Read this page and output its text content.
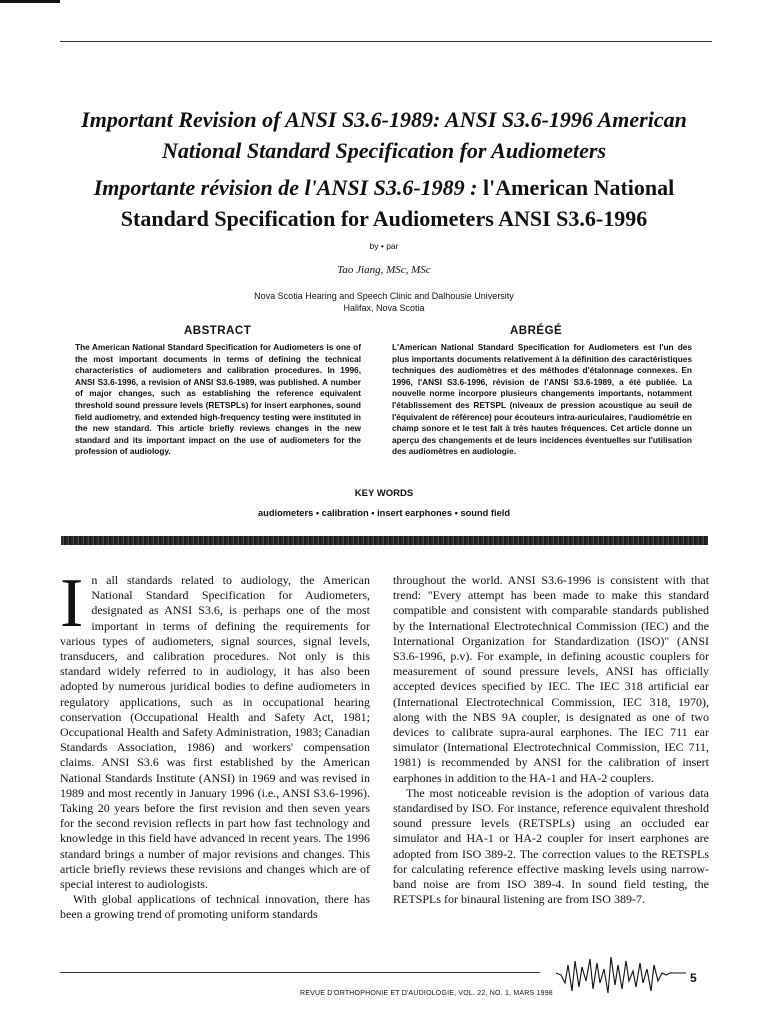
Important Revision of ANSI S3.6-1989: ANSI S3.6-1996 American
National Standard Specification for Audiometers
Importante révision de l'ANSI S3.6-1989 : l'American National
Standard Specification for Audiometers ANSI S3.6-1996
by • par
Tao Jiang, MSc, MSc
Nova Scotia Hearing and Speech Clinic and Dalhousie University
Halifax, Nova Scotia
ABSTRACT
The American National Standard Specification for Audiometers is one of the most important documents in terms of defining the technical characteristics of audiometers and calibration procedures. In 1996, ANSI S3.6-1996, a revision of ANSI S3.6-1989, was published. A number of major changes, such as establishing the reference equivalent threshold sound pressure levels (RETSPLs) for insert earphones, sound field audiometry, and extended high-frequency testing were instituted in the new standard. This article briefly reviews changes in the new standard and its important impact on the use of audiometers for the profession of audiology.
ABRÉGÉ
L'American National Standard Specification for Audiometers est l'un des plus importants documents relativement à la définition des caractéristiques techniques des audiomètres et des méthodes d'étalonnage connexes. En 1996, l'ANSI S3.6-1996, révision de l'ANSI S3.6-1989, a été publiée. La nouvelle norme incorpore plusieurs changements importants, notamment l'établissement des RETSPL (niveaux de pression acoustique au seuil de l'équivalent de référence) pour écouteurs intra-auriculaires, l'audiométrie en champ sonore et le test fait à très hautes fréquences. Cet article donne un aperçu des changements et de leurs incidences éventuelles sur l'utilisation des audiomètres en audiologie.
KEY WORDS
audiometers • calibration • insert earphones • sound field
I n all standards related to audiology, the American National Standard Specification for Audiometers, designated as ANSI S3.6, is perhaps one of the most important in terms of defining the requirements for various types of audiometers, signal sources, signal levels, transducers, and calibration procedures. Not only is this standard widely referred to in audiology, it has also been adopted by numerous juridical bodies to define audiometers in regulatory applications, such as in occupational hearing conservation (Occupational Health and Safety Act, 1981; Occupational Health and Safety Administration, 1983; Canadian Standards Association, 1986) and workers' compensation claims. ANSI S3.6 was first established by the American National Standards Institute (ANSI) in 1969 and was revised in 1989 and most recently in January 1996 (i.e., ANSI S3.6-1996). Taking 20 years before the first revision and then seven years for the second revision reflects in part how fast technology and knowledge in this field have advanced in recent years. The 1996 standard brings a number of major revisions and changes. This article briefly reviews these revisions and changes which are of special interest to audiologists.

With global applications of technical innovation, there has been a growing trend of promoting uniform standards

throughout the world. ANSI S3.6-1996 is consistent with that trend: "Every attempt has been made to make this standard compatible and consistent with comparable standards published by the International Electrotechnical Commission (IEC) and the International Organization for Standardization (ISO)" (ANSI S3.6-1996, p.v). For example, in defining acoustic couplers for measurement of sound pressure levels, ANSI has officially accepted devices specified by IEC. The IEC 318 artificial ear (International Electrotechnical Commission, IEC 318, 1970), along with the NBS 9A coupler, is designated as one of two devices to calibrate supra-aural earphones. The IEC 711 ear simulator (International Electrotechnical Commission, IEC 711, 1981) is recommended by ANSI for the calibration of insert earphones in addition to the HA-1 and HA-2 couplers.

The most noticeable revision is the adoption of various data standardised by ISO. For instance, reference equivalent threshold sound pressure levels (RETSPLs) using an occluded ear simulator and HA-1 or HA-2 coupler for insert earphones are adopted from ISO 389-2. The correction values to the RETSPLs for calculating reference effective masking levels using narrow-band noise are from ISO 389-4. In sound field testing, the RETSPLs for binaural listening are from ISO 389-7.

REVUE D'ORTHOPHONIE ET D'AUDIOLOGIE, VOL. 22, NO. 1, MARS 1998
5
